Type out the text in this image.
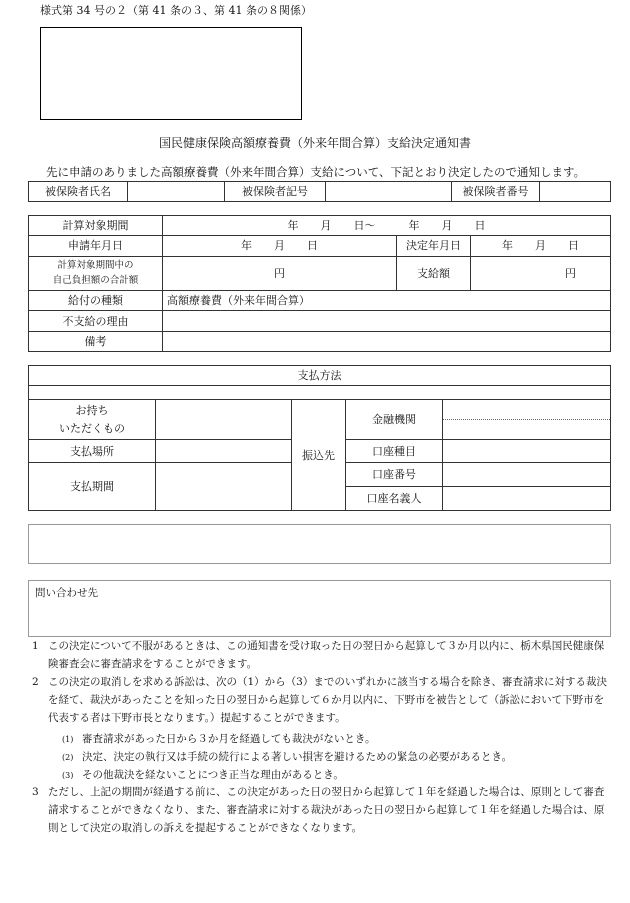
様式第 34 号の２（第 41 条の３、第 41 条の８関係）
国民健康保険高額療養費（外来年間合算）支給決定通知書
先に申請のありました高額療養費（外来年間合算）支給について、下記とおり決定したので通知します。
被保険者氏名		被保険者記号		被保険者番号	
計算対象期間	年　　月　　日～　　　年　　月　　日		
申請年月日	年　　月　　日	決定年月日	年　　月　　日

計算対象期間中の
自己負担額の合計額	円	支給額	円
給付の種類	高額療養費（外来年間合算）		
不支給の理由			
備考			
支払方法				

お持ち
いただくもの		振込先	金融機関	

支払場所			口座種目	
支払期間			口座番号	
			口座名義人	
問い合わせ先
1 この決定について不服があるときは、この通知書を受け取った日の翌日から起算して３か月以内に、栃木県国民健康保険審査会に審査請求をすることができます。
2 この決定の取消しを求める訴訟は、次の（1）から（3）までのいずれかに該当する場合を除き、審査請求に対する裁決を経て、裁決があったことを知った日の翌日から起算して６か月以内に、下野市を被告として（訴訟において下野市を代表する者は下野市長となります。）提起することができます。
(1) 審査請求があった日から３か月を経過しても裁決がないとき。
(2) 決定、決定の執行又は手続の続行による著しい損害を避けるための緊急の必要があるとき。
(3) その他裁決を経ないことにつき正当な理由があるとき。
3 ただし、上記の期間が経過する前に、この決定があった日の翌日から起算して１年を経過した場合は、原則として審査請求することができなくなり、また、審査請求に対する裁決があった日の翌日から起算して１年を経過した場合は、原則として決定の取消しの訴えを提起することができなくなります。
